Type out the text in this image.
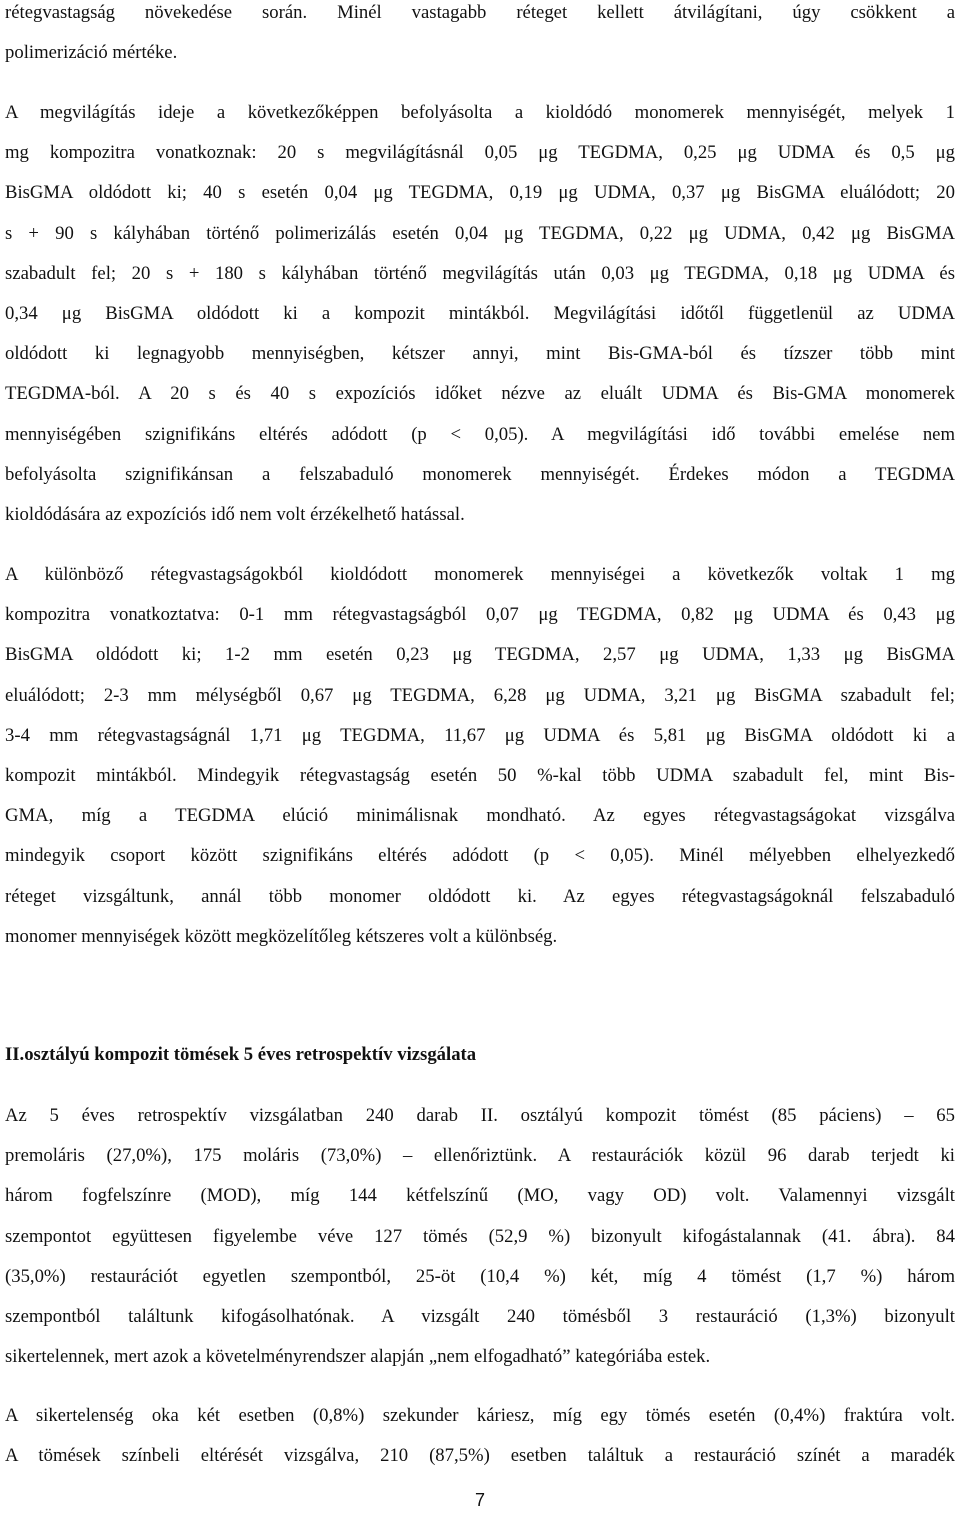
rétegvastagság növekedése során. Minél vastagabb réteget kellett átvilágítani, úgy csökkent a
polimerizáció mértéke.
A megvilágítás ideje a következőképpen befolyásolta a kioldódó monomerek mennyiségét, melyek 1
mg kompozitra vonatkoznak: 20 s megvilágításnál 0,05 μg TEGDMA, 0,25 μg UDMA és 0,5 μg
BisGMA oldódott ki; 40 s esetén 0,04 μg TEGDMA, 0,19 μg UDMA, 0,37 μg BisGMA eluálódott; 20
s + 90 s kályhában történő polimerizálás esetén 0,04 μg TEGDMA, 0,22 μg UDMA, 0,42 μg BisGMA
szabadult fel; 20 s + 180 s kályhában történő megvilágítás után 0,03 μg TEGDMA, 0,18 μg UDMA és
0,34 μg BisGMA oldódott ki a kompozit mintákból. Megvilágítási időtől függetlenül az UDMA
oldódott ki legnagyobb mennyiségben, kétszer annyi, mint Bis-GMA-ból és tízszer több mint
TEGDMA-ból. A 20 s és 40 s expozíciós időket nézve az eluált UDMA és Bis-GMA monomerek
mennyiségében szignifikáns eltérés adódott (p < 0,05). A megvilágítási idő további emelése nem
befolyásolta szignifikánsan a felszabaduló monomerek mennyiségét. Érdekes módon a TEGDMA
kioldódására az expozíciós idő nem volt érzékelhető hatással.
A különböző rétegvastagságokból kioldódott monomerek mennyiségei a következők voltak 1 mg
kompozitra vonatkoztatva: 0-1 mm rétegvastagságból 0,07 μg TEGDMA, 0,82 μg UDMA és 0,43 μg
BisGMA oldódott ki; 1-2 mm esetén 0,23 μg TEGDMA, 2,57 μg UDMA, 1,33 μg BisGMA
eluálódott; 2-3 mm mélységből 0,67 μg TEGDMA, 6,28 μg UDMA, 3,21 μg BisGMA szabadult fel;
3-4 mm rétegvastagságnál 1,71 μg TEGDMA, 11,67 μg UDMA és 5,81 μg BisGMA oldódott ki a
kompozit mintákból. Mindegyik rétegvastagság esetén 50 %-kal több UDMA szabadult fel, mint Bis-
GMA, míg a TEGDMA elúció minimálisnak mondható. Az egyes rétegvastagságokat vizsgálva
mindegyik csoport között szignifikáns eltérés adódott (p < 0,05). Minél mélyebben elhelyezkedő
réteget vizsgáltunk, annál több monomer oldódott ki. Az egyes rétegvastagságoknál felszabaduló
monomer mennyiségek között megközelítőleg kétszeres volt a különbség.
II.osztályú kompozit tömések 5 éves retrospektív vizsgálata
Az 5 éves retrospektív vizsgálatban 240 darab II. osztályú kompozit tömést (85 páciens) – 65
premoláris (27,0%), 175 moláris (73,0%) – ellenőriztünk. A restaurációk közül 96 darab terjedt ki
három fogfelszínre (MOD), míg 144 kétfelszínű (MO, vagy OD) volt. Valamennyi vizsgált
szempontot együttesen figyelembe véve 127 tömés (52,9 %) bizonyult kifogástalannak (41. ábra). 84
(35,0%) restaurációt egyetlen szempontból, 25-öt (10,4 %) két, míg 4 tömést (1,7 %) három
szempontból találtunk kifogásolhatónak. A vizsgált 240 tömésből 3 restauráció (1,3%) bizonyult
sikertelennek, mert azok a követelményrendszer alapján „nem elfogadható” kategóriába estek.
A sikertelenség oka két esetben (0,8%) szekunder káriesz, míg egy tömés esetén (0,4%) fraktúra volt.
A tömések színbeli eltérését vizsgálva, 210 (87,5%) esetben találtuk a restauráció színét a maradék
7
